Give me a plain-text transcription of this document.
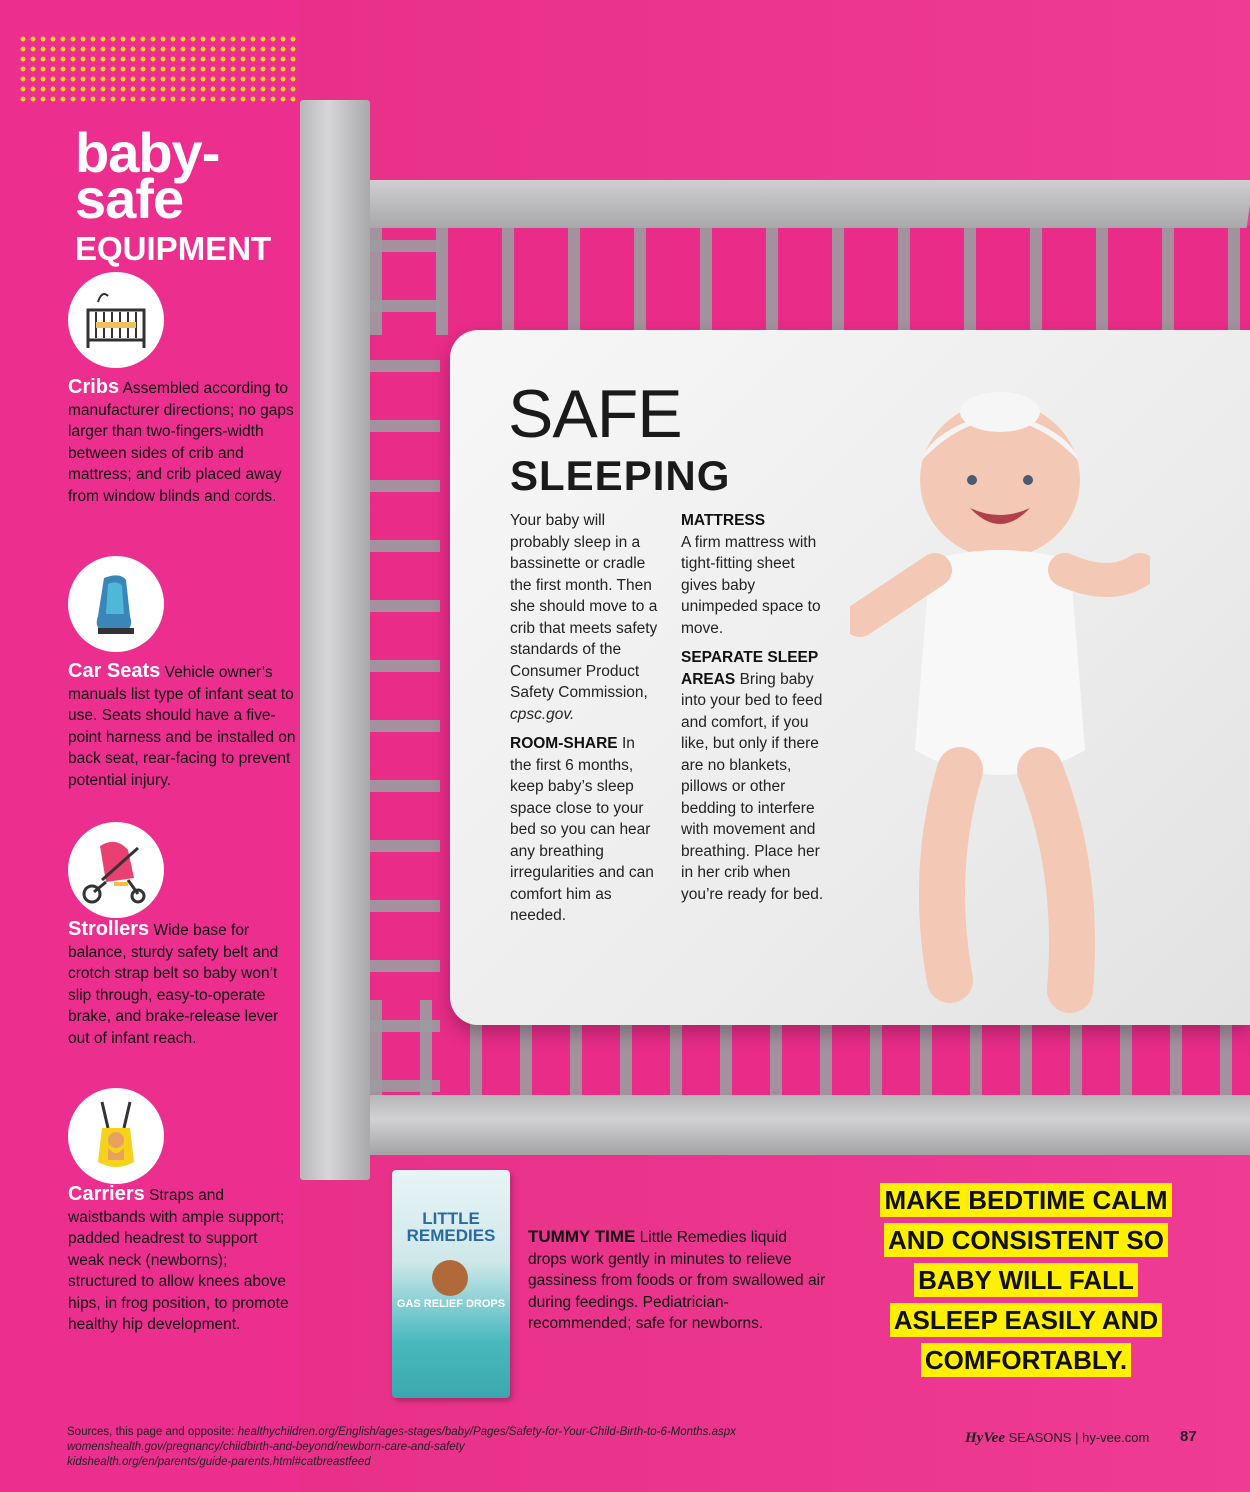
baby-
safe
EQUIPMENT
Cribs Assembled according to manufacturer directions; no gaps larger than two-fingers-width between sides of crib and mattress; and crib placed away from window blinds and cords.
Car Seats Vehicle owner’s manuals list type of infant seat to use. Seats should have a five-point harness and be installed on back seat, rear-facing to prevent potential injury.
Strollers Wide base for balance, sturdy safety belt and crotch strap belt so baby won’t slip through, easy-to-operate brake, and brake-release lever out of infant reach.
Carriers Straps and waistbands with ample support; padded headrest to support weak neck (newborns); structured to allow knees above hips, in frog position, to promote healthy hip development.
SAFE
SLEEPING

Your baby will probably sleep in a bassinette or cradle the first month. Then she should move to a crib that meets safety standards of the Consumer Product Safety Commission, cpsc.gov.

ROOM-SHARE In the first 6 months, keep baby’s sleep space close to your bed so you can hear any breathing irregularities and can comfort him as needed.

MATTRESS
A firm mattress with tight-fitting sheet gives baby unimpeded space to move.

SEPARATE SLEEP AREAS Bring baby into your bed to feed and comfort, if you like, but only if there are no blankets, pillows or other bedding to interfere with movement and breathing. Place her in her crib when you’re ready for bed.

LITTLE
REMEDIES
GAS RELIEF DROPS
TUMMY TIME Little Remedies liquid drops work gently in minutes to relieve gassiness from foods or from swallowed air during feedings. Pediatrician-recommended; safe for newborns.
MAKE BEDTIME CALM
AND CONSISTENT SO
BABY WILL FALL
ASLEEP EASILY AND
COMFORTABLY.
Sources, this page and opposite: healthychildren.org/English/ages-stages/baby/Pages/Safety-for-Your-Child-Birth-to-6-Months.aspx
womenshealth.gov/pregnancy/childbirth-and-beyond/newborn-care-and-safety
kidshealth.org/en/parents/guide-parents.html#catbreastfeed
HyVee SEASONS | hy-vee.com 87
